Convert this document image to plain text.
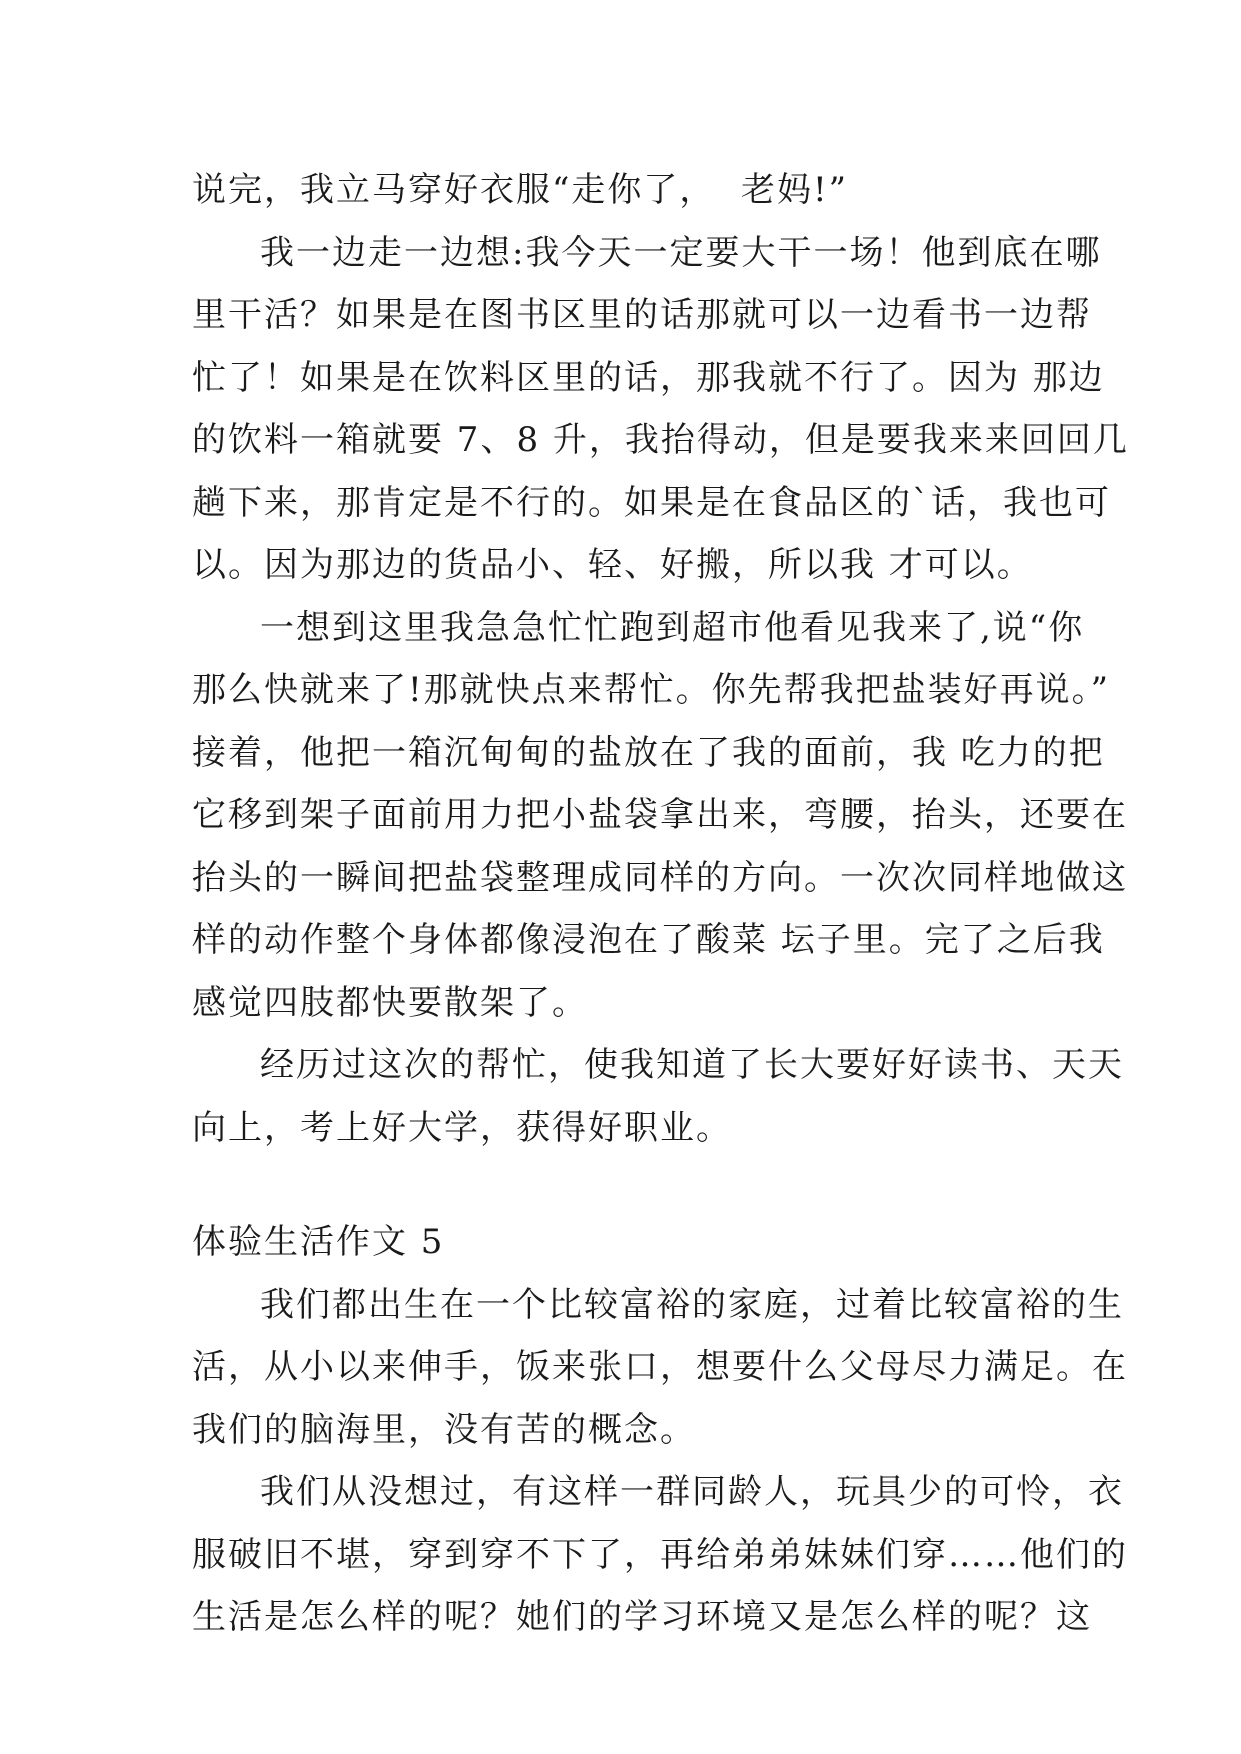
说完，我立马穿好衣服“走你了，  老妈!”
我一边走一边想:我今天一定要大干一场！他到底在哪
里干活？如果是在图书区里的话那就可以一边看书一边帮
忙了！如果是在饮料区里的话，那我就不行了。因为 那边
的饮料一箱就要 7、8 升，我抬得动，但是要我来来回回几
趟下来，那肯定是不行的。如果是在食品区的`话，我也可
以。因为那边的货品小、轻、好搬，所以我 才可以。
一想到这里我急急忙忙跑到超市他看见我来了,说“你
那么快就来了!那就快点来帮忙。你先帮我把盐装好再说。”
接着，他把一箱沉甸甸的盐放在了我的面前，我 吃力的把
它移到架子面前用力把小盐袋拿出来，弯腰，抬头，还要在
抬头的一瞬间把盐袋整理成同样的方向。一次次同样地做这
样的动作整个身体都像浸泡在了酸菜 坛子里。完了之后我
感觉四肢都快要散架了。
经历过这次的帮忙，使我知道了长大要好好读书、天天
向上，考上好大学，获得好职业。
体验生活作文 5
我们都出生在一个比较富裕的家庭，过着比较富裕的生
活，从小以来伸手，饭来张口，想要什么父母尽力满足。在
我们的脑海里，没有苦的概念。
我们从没想过，有这样一群同龄人，玩具少的可怜，衣
服破旧不堪，穿到穿不下了，再给弟弟妹妹们穿……他们的
生活是怎么样的呢？她们的学习环境又是怎么样的呢？这
